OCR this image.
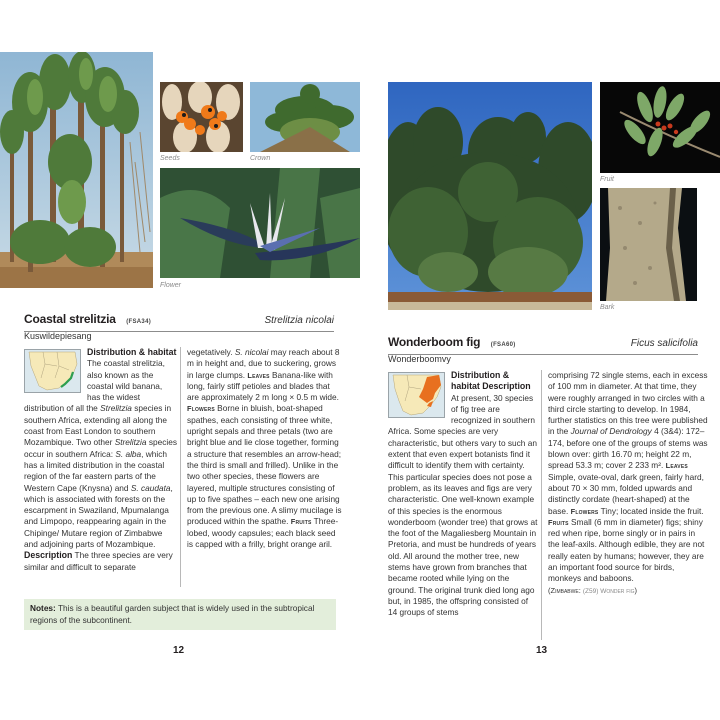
Seeds	Crown
Flower
Coastal strelitzia (FSA34)	Strelitzia nicolai
Kuswildepiesang
Distribution & habitat The coastal strelitzia, also known as the coastal wild banana, has the widest distribution of all the Strelitzia species in southern Africa, extending all along the coast from East London to southern Mozambique. Two other Strelitzia species occur in southern Africa: S. alba, which has a limited distribution in the coastal region of the far eastern parts of the Western Cape (Knysna) and S. caudata, which is associated with forests on the escarpment in Swaziland, Mpumalanga and Limpopo, reappearing again in the Chipinge/ Mutare region of Zimbabwe and adjoining parts of Mozambique.
Description The three species are very similar and difficult to separate
vegetatively. S. nicolai may reach about 8 m in height and, due to suckering, grows in large clumps. Leaves Banana-like with long, fairly stiff petioles and blades that are approximately 2 m long × 0.5 m wide. Flowers Borne in bluish, boat-shaped spathes, each consisting of three white, upright sepals and three petals (two are bright blue and lie close together, forming a structure that resembles an arrow-head; the third is small and frilled). Unlike in the two other species, these flowers are layered, multiple structures consisting of up to five spathes – each new one arising from the previous one. A slimy mucilage is produced within the spathe. Fruits Three-lobed, woody capsules; each black seed is capped with a frilly, bright orange aril.
Notes: This is a beautiful garden subject that is widely used in the subtropical regions of the subcontinent.
12
Fruit
Bark
Wonderboom fig (FSA60)	Ficus salicifolia
Wonderboomvy
Distribution & habitat Description At present, 30 species of fig tree are recognized in southern Africa. Some species are very characteristic, but others vary to such an extent that even expert botanists find it difficult to identify them with certainty. This particular species does not pose a problem, as its leaves and figs are very characteristic. One well-known example of this species is the enormous wonderboom (wonder tree) that grows at the foot of the Magaliesberg Mountain in Pretoria, and must be hundreds of years old. All around the mother tree, new stems have grown from branches that became rooted while lying on the ground. The original trunk died long ago but, in 1985, the offspring consisted of 14 groups of stems
comprising 72 single stems, each in excess of 100 mm in diameter. At that time, they were roughly arranged in two circles with a third circle starting to develop. In 1984, further statistics on this tree were published in the Journal of Dendrology 4 (3&4): 172–174, before one of the groups of stems was blown over: girth 16.70 m; height 22 m, spread 53.3 m; cover 2 233 m². Leaves Simple, ovate-oval, dark green, fairly hard, about 70 × 30 mm, folded upwards and distinctly cordate (heart-shaped) at the base. Flowers Tiny; located inside the fruit. Fruits Small (6 mm in diameter) figs; shiny red when ripe, borne singly or in pairs in the leaf-axils. Although edible, they are not really eaten by humans; however, they are an important food source for birds, monkeys and baboons.
(Zimbabwe: (Z59) Wonder fig)
13
